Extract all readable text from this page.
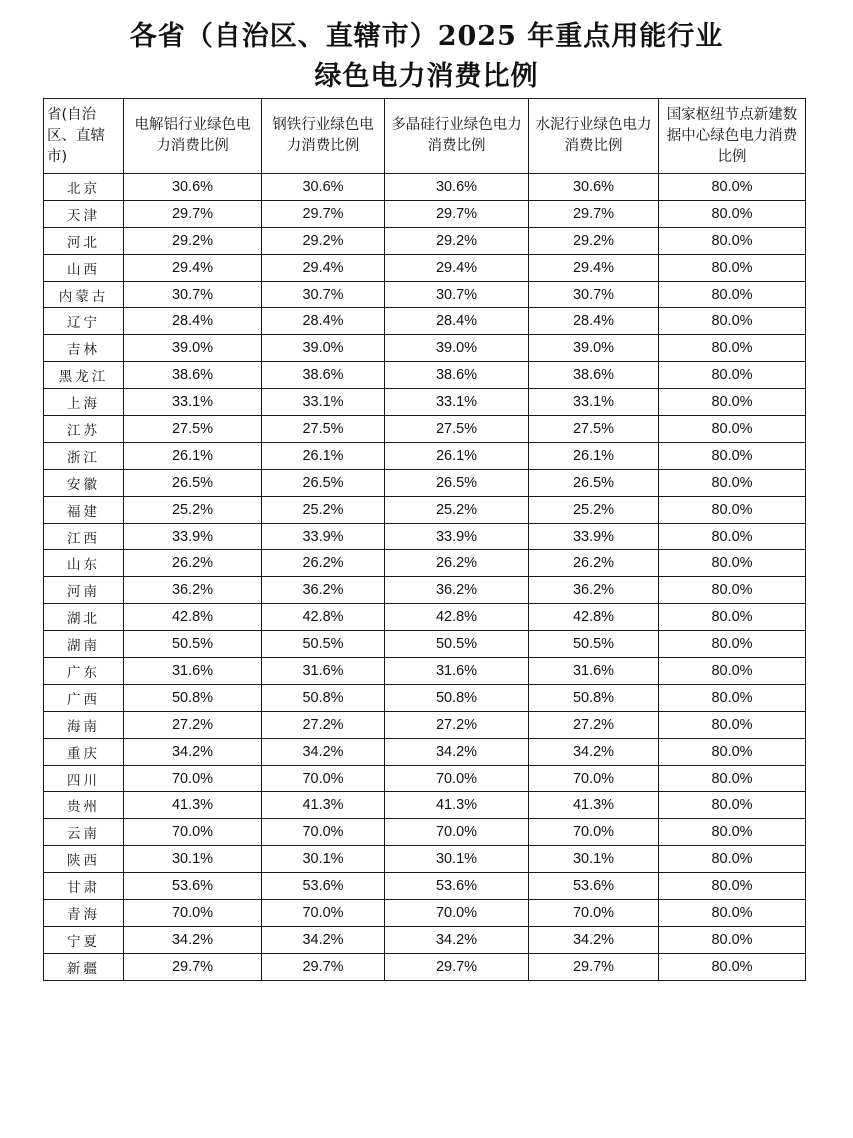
各省（自治区、直辖市）2025 年重点用能行业
绿色电力消费比例
省(自治区、直辖市)	电解铝行业绿色电力消费比例	钢铁行业绿色电力消费比例	多晶硅行业绿色电力消费比例	水泥行业绿色电力消费比例	国家枢纽节点新建数据中心绿色电力消费比例
北京	30.6%	30.6%	30.6%	30.6%	80.0%
天津	29.7%	29.7%	29.7%	29.7%	80.0%
河北	29.2%	29.2%	29.2%	29.2%	80.0%
山西	29.4%	29.4%	29.4%	29.4%	80.0%
内蒙古	30.7%	30.7%	30.7%	30.7%	80.0%
辽宁	28.4%	28.4%	28.4%	28.4%	80.0%
吉林	39.0%	39.0%	39.0%	39.0%	80.0%
黑龙江	38.6%	38.6%	38.6%	38.6%	80.0%
上海	33.1%	33.1%	33.1%	33.1%	80.0%
江苏	27.5%	27.5%	27.5%	27.5%	80.0%
浙江	26.1%	26.1%	26.1%	26.1%	80.0%
安徽	26.5%	26.5%	26.5%	26.5%	80.0%
福建	25.2%	25.2%	25.2%	25.2%	80.0%
江西	33.9%	33.9%	33.9%	33.9%	80.0%
山东	26.2%	26.2%	26.2%	26.2%	80.0%
河南	36.2%	36.2%	36.2%	36.2%	80.0%
湖北	42.8%	42.8%	42.8%	42.8%	80.0%
湖南	50.5%	50.5%	50.5%	50.5%	80.0%
广东	31.6%	31.6%	31.6%	31.6%	80.0%
广西	50.8%	50.8%	50.8%	50.8%	80.0%
海南	27.2%	27.2%	27.2%	27.2%	80.0%
重庆	34.2%	34.2%	34.2%	34.2%	80.0%
四川	70.0%	70.0%	70.0%	70.0%	80.0%
贵州	41.3%	41.3%	41.3%	41.3%	80.0%
云南	70.0%	70.0%	70.0%	70.0%	80.0%
陕西	30.1%	30.1%	30.1%	30.1%	80.0%
甘肃	53.6%	53.6%	53.6%	53.6%	80.0%
青海	70.0%	70.0%	70.0%	70.0%	80.0%
宁夏	34.2%	34.2%	34.2%	34.2%	80.0%
新疆	29.7%	29.7%	29.7%	29.7%	80.0%
